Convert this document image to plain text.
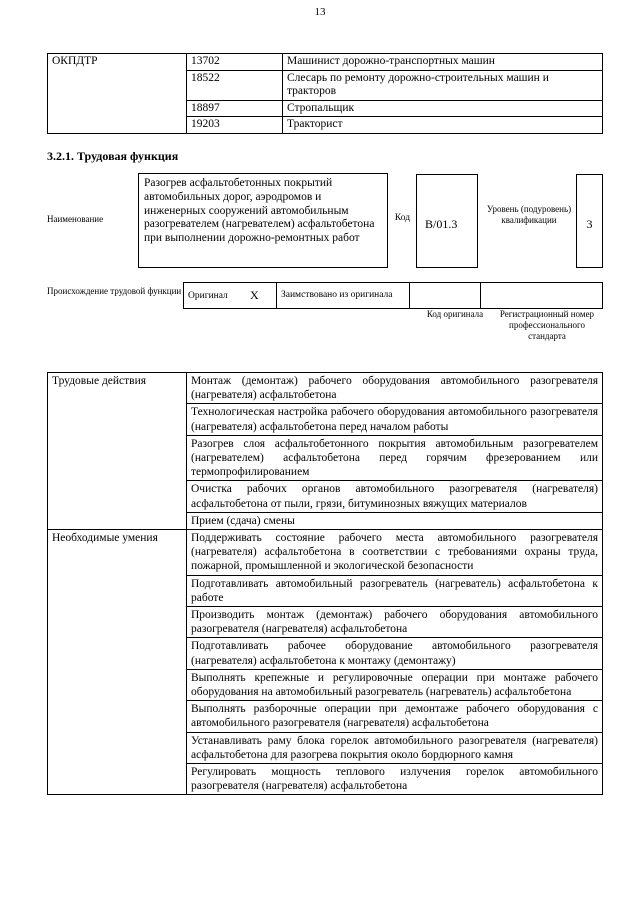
13
ОКПДТР	13702	Машинист дорожно-транспортных машин
	18522	Слесарь по ремонту дорожно-строительных машин и тракторов
	18897	Стропальщик
	19203	Тракторист
3.2.1. Трудовая функция
Наименование
Разогрев асфальтобетонных покрытий автомобильных дорог, аэродромов и инженерных сооружений автомобильным разогревателем (нагревателем) асфальтобетона при выполнении дорожно-ремонтных работ
Код	В/01.3
Уровень (подуровень) квалификации	3
Происхождение трудовой функции Оригинал	X	Заимствовано из оригинала		
Код оригинала	Регистрационный номер профессионального стандарта
Трудовые действия	Монтаж (демонтаж) рабочего оборудования автомобильного разогревателя (нагревателя) асфальтобетона
	Технологическая настройка рабочего оборудования автомобильного разогревателя (нагревателя) асфальтобетона перед началом работы
	Разогрев слоя асфальтобетонного покрытия автомобильным разогревателем (нагревателем) асфальтобетона перед горячим фрезерованием или термопрофилированием
	Очистка рабочих органов автомобильного разогревателя (нагревателя) асфальтобетона от пыли, грязи, битуминозных вяжущих материалов
	Прием (сдача) смены
Необходимые умения	Поддерживать состояние рабочего места автомобильного разогревателя (нагревателя) асфальтобетона в соответствии с требованиями охраны труда, пожарной, промышленной и экологической безопасности
	Подготавливать автомобильный разогреватель (нагреватель) асфальтобетона к работе
	Производить монтаж (демонтаж) рабочего оборудования автомобильного разогревателя (нагревателя) асфальтобетона
	Подготавливать рабочее оборудование автомобильного разогревателя (нагревателя) асфальтобетона к монтажу (демонтажу)
	Выполнять крепежные и регулировочные операции при монтаже рабочего оборудования на автомобильный разогреватель (нагреватель) асфальтобетона
	Выполнять разборочные операции при демонтаже рабочего оборудования с автомобильного разогревателя (нагревателя) асфальтобетона
	Устанавливать раму блока горелок автомобильного разогревателя (нагревателя) асфальтобетона для разогрева покрытия около бордюрного камня
	Регулировать мощность теплового излучения горелок автомобильного разогревателя (нагревателя) асфальтобетона
